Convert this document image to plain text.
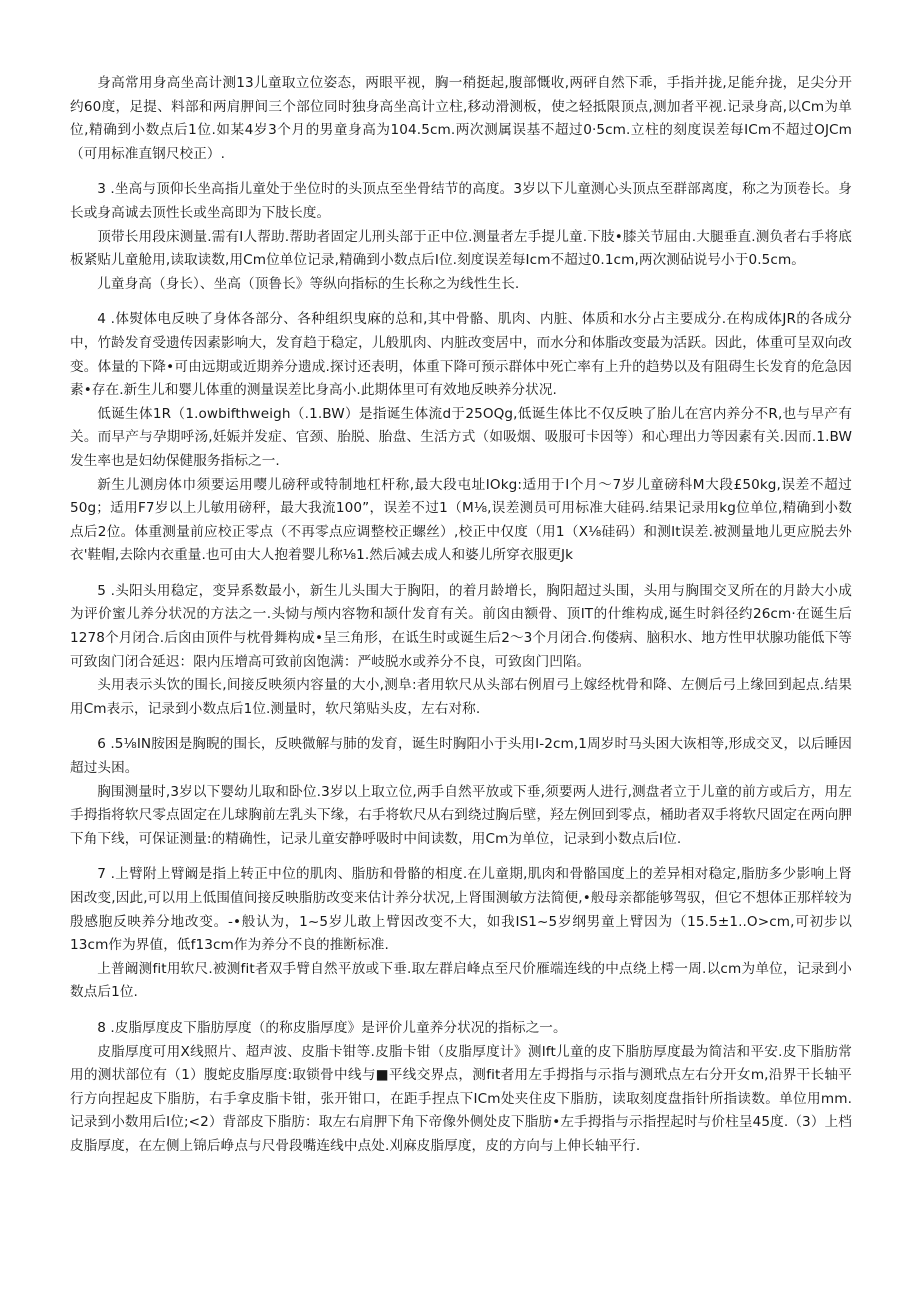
身高常用身高坐高计测13儿童取立位姿态，两眼平视，胸一稍挺起,腹部慨收,两砰自然下乖，手指并拢,足能弁拢，足尖分开约60度，足提、料部和两肩胛间三个部位同时独身高坐高计立柱,移动滑测板，使之轻抵限顶点,测加者平视.记录身高,以Cm为单位,精确到小数点后1位.如某4岁3个月的男童身高为104.5cm.两次测属误基不超过0·5cm.立柱的刻度误差每ICm不超过OJCm（可用标准直钢尺校正）.

3 .坐高与顶仰长坐高指儿童处于坐位时的头顶点至坐骨结节的高度。3岁以下儿童测心头顶点至群部离度，称之为顶卷长。身长或身高诚去顶性长或坐高即为下肢长度。

顶带长用段床测量.需有I人帮助.帮助者固定儿刑头部于正中位.测量者左手提儿童.下肢•膝关节屈由.大腿垂直.测负者右手将底板紧贴儿童舱用,读取读数,用Cm位单位记录,精确到小数点后I位.刻度误差每Icm不超过0.1cm,两次测砧说号小于0.5cm。

儿童身高（身长）、坐高（顶鲁长》等纵向指标的生长称之为线性生长.

4 .体熨体电反映了身体各部分、各种组织曳麻的总和,其中骨骼、肌肉、内脏、体质和水分占主要成分.在构成体JR的各成分中，竹龄发育受遗传因素影响大，发育趋于稳定，儿般肌肉、内脏改变居中，而水分和体脂改变最为活跃。因此，体重可呈双向改变。体量的下降•可由远期或近期养分遗成.探讨还表明，体重下降可预示群体中死亡率有上升的趋势以及有阻碍生长发育的危急因素•存在.新生儿和婴儿体重的测量误差比身高小.此期体里可有效地反映养分状况.

低诞生体1R（1.owbifthweigh（.1.BW）是指诞生体流d于25OQg,低诞生体比不仅反映了胎儿在宫内养分不R,也与早产有关。而早产与孕期呼汤,妊娠并发症、官颈、胎脱、胎盘、生活方式（如吸烟、吸服可卡因等）和心理出力等因素有关.因而.1.BW发生率也是妇幼保健服务指标之一.

新生儿测房体巾须要运用嘤儿磅秤或特制地杠杆称,最大段屯址IOkg:适用于I个月〜7岁儿童磅科M大段£50kg,误差不超过50g；适用F7岁以上儿敏用磅秤，最大我流100”，误差不过1（M⅛,误差测员可用标准大硅码.结果记录用kg位单位,精确到小数点后2位。体重测量前应校正零点（不再零点应调整校正螺丝）,校正中仅度（用1（X⅛硅码）和测It误差.被测量地儿更应脱去外衣'鞋帽,去除内衣重量.也可由大人抱着婴儿称⅛1.然后减去成人和婆儿所穿衣服更Jk

5 .头阳头用稳定，变异系数最小，新生儿头围大于胸阳，的着月龄增长，胸阳超过头围，头用与胸围交叉所在的月龄大小成为评价蜜儿养分状况的方法之一.头恸与颅内容物和颉什发育有关。前囟由额骨、顶IT的什维构成,诞生时斜径约26cm·在诞生后1278个月闭合.后囟由顶件与枕骨舞构成•呈三角形，在诋生时或诞生后2〜3个月闭合.佝偻病、脑积水、地方性甲状腺功能低下等可致囱门闭合延迟：限内压增高可致前囟饱满：严岐脱水或养分不良，可致囱门凹陷。

头用表示头饮的围长,间接反映须内容量的大小,测阜:者用软尺从头部右例眉弓上嫁经枕骨和降、左侧后弓上缘回到起点.结果用Cm表示，记录到小数点后1位.测量时，软尺第贴头皮，左右对称.

6 .5⅛IN胺困是胸睨的围长，反映微解与肺的发育，诞生时胸阳小于头用I-2cm,1周岁时马头困大诙相等,形成交叉，以后睡因超过头困。

胸围测量时,3岁以下婴幼儿取和卧位.3岁以上取立位,两手自然平放或下垂,须要两人进行,测盘者立于儿童的前方或后方，用左手拇指将软尺零点固定在儿球胸前左乳头下缘，右手将软尺从右到绕过胸后壁，羟左例回到零点，桶助者双手将软尺固定在两向胛下角下线，可保证测量:的精确性，记录儿童安静呼吸时中间读数，用Cm为单位，记录到小数点后I位.

7 .上臂附上臂阚是指上转正中位的肌肉、脂肪和骨骼的相度.在儿童期,肌肉和骨骼国度上的差异相对稳定,脂肪多少影响上肾困改变,因此,可以用上低围值间接反映脂肪改变来估计养分状况,上肾围测敏方法简便,•般母亲都能够驾驭，但它不想体正那样较为殷感胞反映养分地改变。-•般认为，1~5岁儿敢上臂因改变不大，如我IS1~5岁纲男童上臂因为（15.5±1..O>cm,可初步以13cm作为界值，低f13cm作为养分不良的推断标准.

上普阚测fit用软尺.被测fit者双手臂自然平放或下垂.取左群启峰点至尺价雁端连线的中点绕上樗一周.以cm为单位，记录到小数点后1位.

8 .皮脂厚度皮下脂肪厚度（的称皮脂厚度》是评价儿童养分状况的指标之一。

皮脂厚度可用X线照片、超声波、皮脂卡钳等.皮脂卡钳（皮脂厚度计》测Ift儿童的皮下脂肪厚度最为简洁和平安.皮下脂肪常用的测状部位有（1）腹蛇皮脂厚度:取锁骨中线与■平线交界点，测fit者用左手拇指与示指与测玳点左右分开女m,沿界干长轴平行方向捏起皮下脂肪，右手拿皮脂卡钳，张开钳口，在距手捏点下ICm处夹住皮下脂肪，读取刻度盘指针所指读数。单位用mm.记录到小数用后I位;<2）背部皮下脂肪：取左右肩胛下角下帝像外侧处皮下脂肪•左手拇指与示指捏起时与价柱呈45度.（3）上档皮脂厚度，在左侧上锦后峥点与尺骨段嘴连线中点处.刈麻皮脂厚度，皮的方向与上伸长轴平行.
